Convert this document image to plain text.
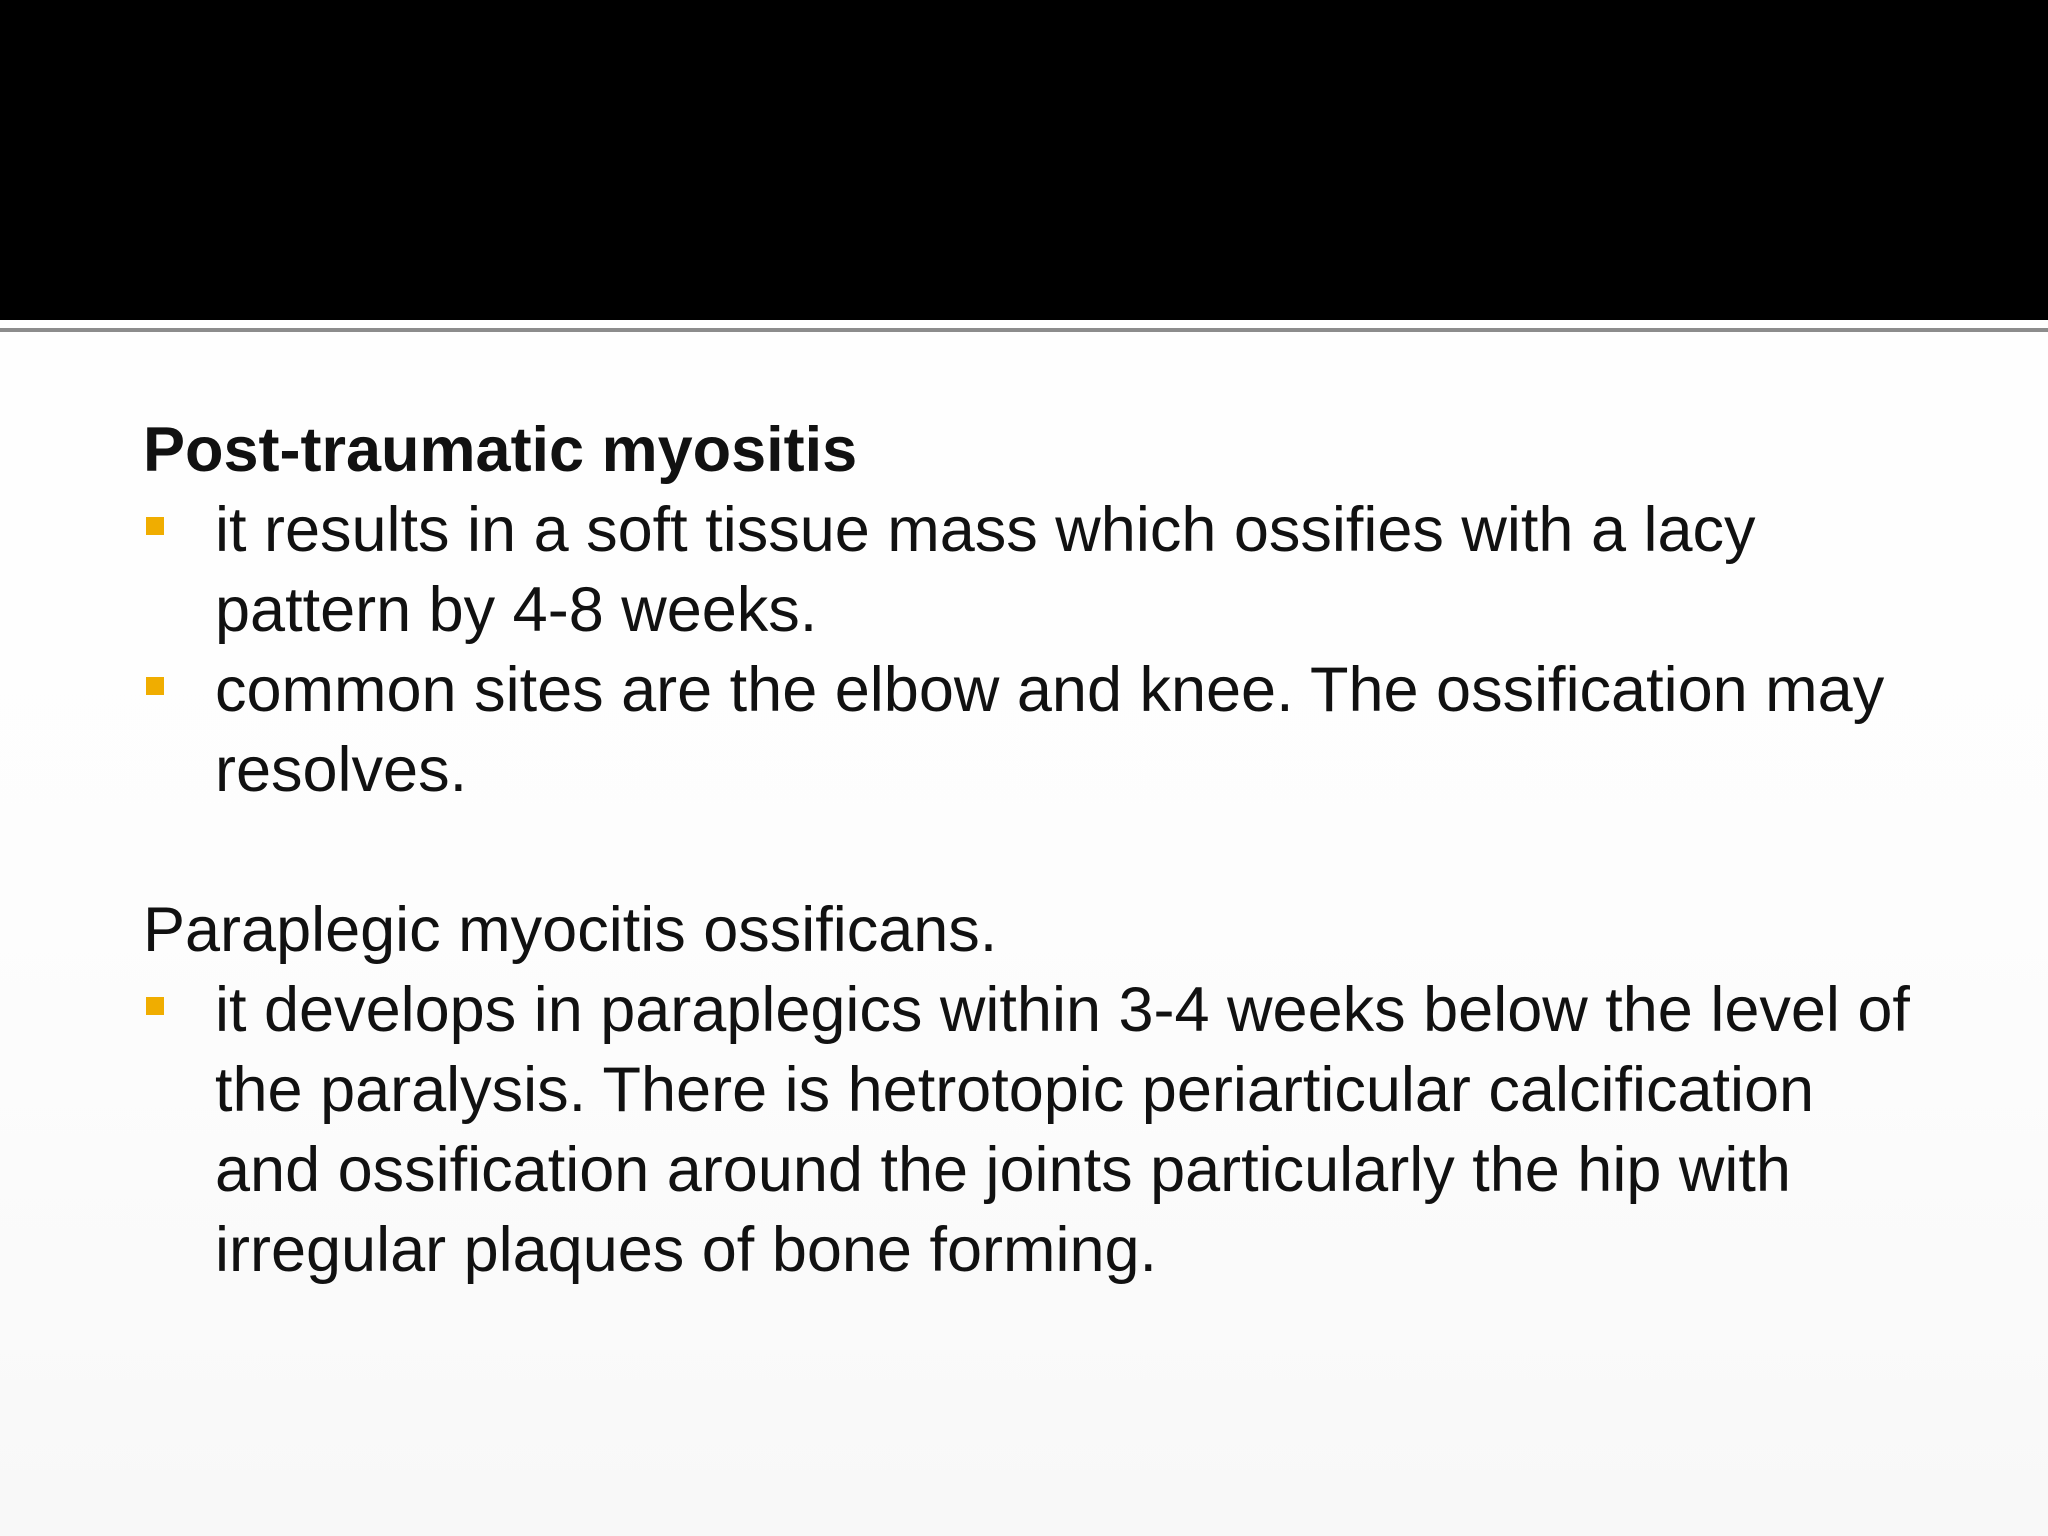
Post-traumatic myositis

it results in a soft tissue mass which ossifies with a lacy pattern by 4-8 weeks.
common sites are the elbow and knee. The ossification may resolves.

Paraplegic myocitis ossificans.

it develops in paraplegics within 3-4 weeks below the level of the paralysis. There is hetrotopic periarticular calcification and ossification around the joints particularly the hip with irregular plaques of bone forming.
